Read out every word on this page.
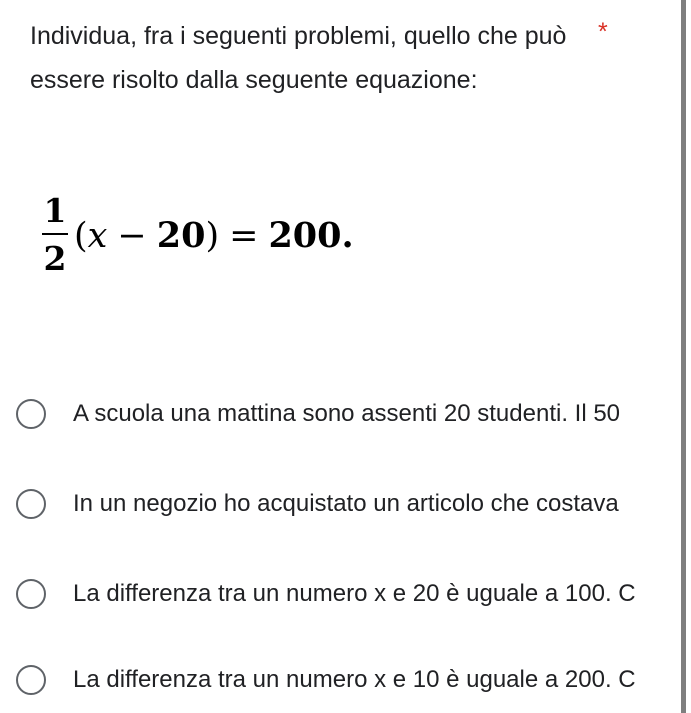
Individua, fra i seguenti problemi, quello che può essere risolto dalla seguente equazione:

*
$\frac{1}{2} (x - 20) = 200$.
A scuola una mattina sono assenti 20 studenti. Il 50
In un negozio ho acquistato un articolo che costava
La differenza tra un numero x e 20 è uguale a 100. C
La differenza tra un numero x e 10 è uguale a 200. C
